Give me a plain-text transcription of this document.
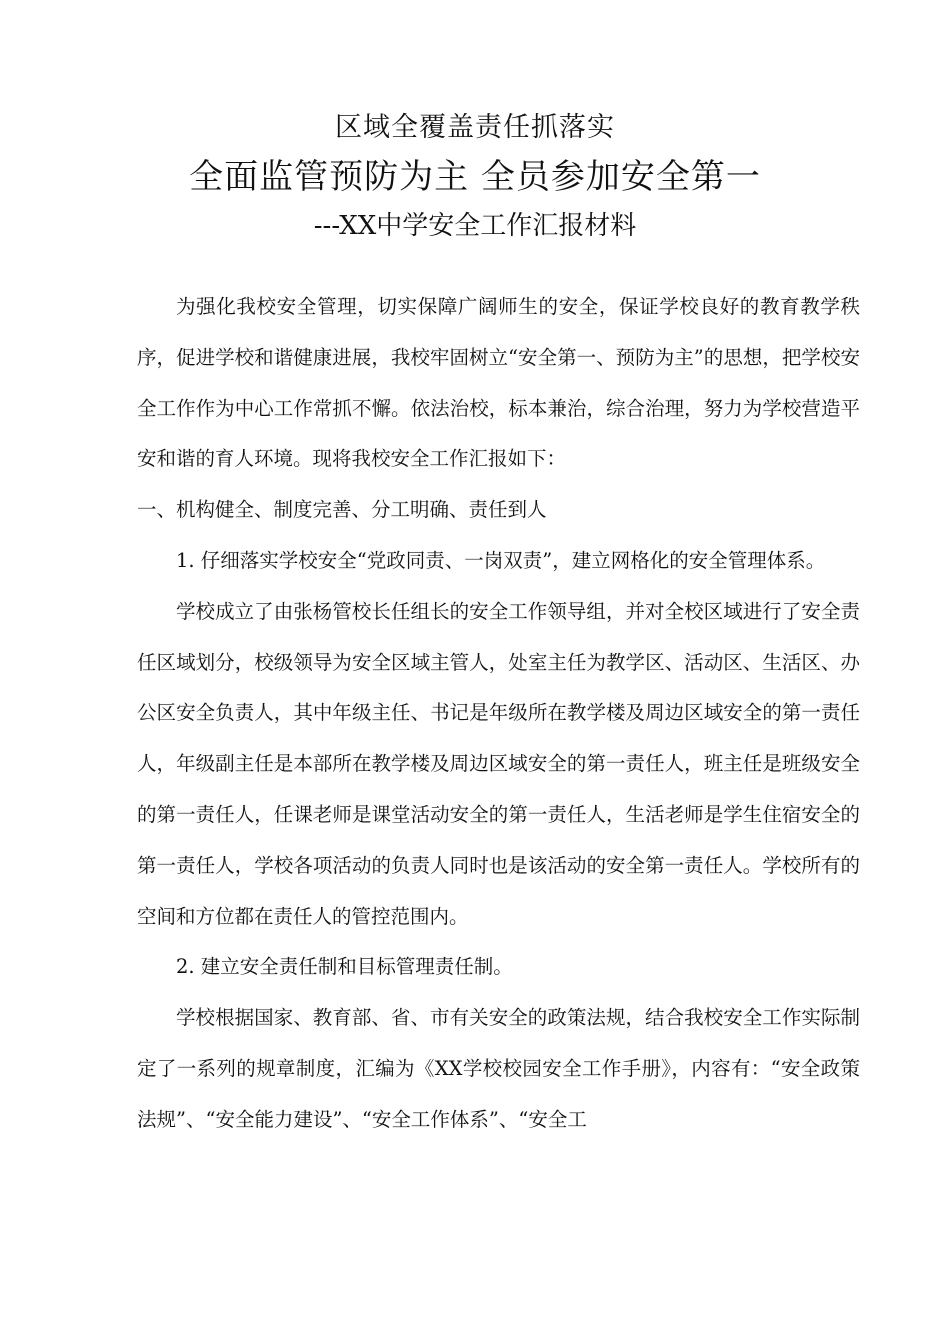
区域全覆盖责任抓落实
全面监管预防为主 全员参加安全第一
---XX中学安全工作汇报材料

为强化我校安全管理，切实保障广阔师生的安全，保证学校良好的教育教学秩序，促进学校和谐健康进展，我校牢固树立“安全第一、预防为主”的思想，把学校安全工作作为中心工作常抓不懈。依法治校，标本兼治，综合治理，努力为学校营造平安和谐的育人环境。现将我校安全工作汇报如下：

一、机构健全、制度完善、分工明确、责任到人

1. 仔细落实学校安全“党政同责、一岗双责”，建立网格化的安全管理体系。

学校成立了由张杨管校长任组长的安全工作领导组，并对全校区域进行了安全责任区域划分，校级领导为安全区域主管人，处室主任为教学区、活动区、生活区、办公区安全负责人，其中年级主任、书记是年级所在教学楼及周边区域安全的第一责任人，年级副主任是本部所在教学楼及周边区域安全的第一责任人，班主任是班级安全的第一责任人，任课老师是课堂活动安全的第一责任人，生活老师是学生住宿安全的第一责任人，学校各项活动的负责人同时也是该活动的安全第一责任人。学校所有的空间和方位都在责任人的管控范围内。

2. 建立安全责任制和目标管理责任制。

学校根据国家、教育部、省、市有关安全的政策法规，结合我校安全工作实际制定了一系列的规章制度，汇编为《XX学校校园安全工作手册》，内容有：“安全政策法规”、“安全能力建设”、“安全工作体系”、“安全工
